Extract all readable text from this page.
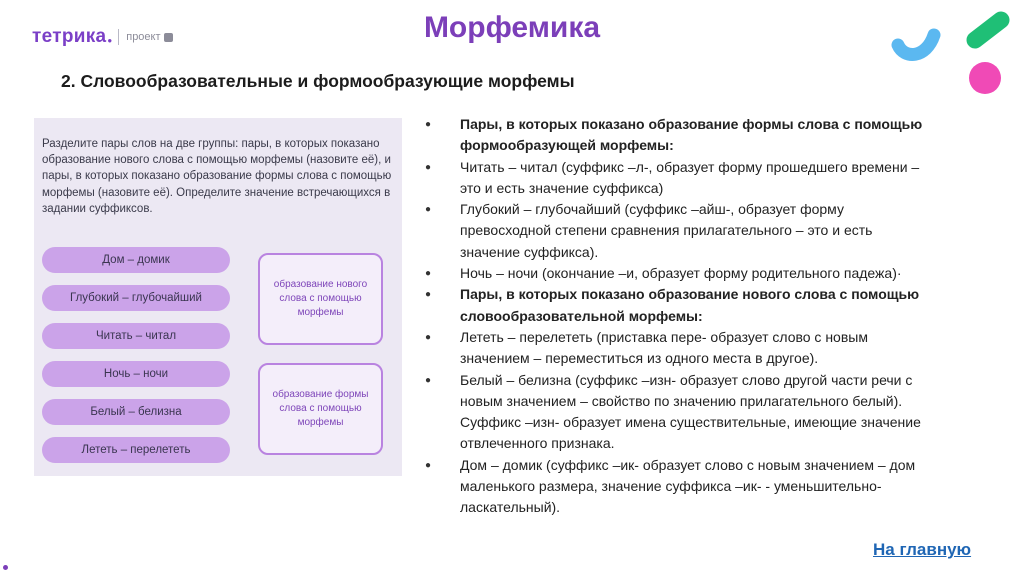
тетрика ● проект	Морфемика
2. Словообразовательные и формообразующие морфемы
Разделите пары слов на две группы: пары, в которых показано образование нового слова с помощью морфемы (назовите её), и пары, в которых показано образование формы слова с помощью морфемы (назовите её). Определите значение встречающихся в задании суффиксов.
Дом – домик
Глубокий – глубочайший
Читать – читал
Ночь – ночи
Белый – белизна
Лететь – перелететь
образование нового слова с помощью морфемы
образование формы слова с помощью морфемы
● Пары, в которых показано образование формы слова с помощью формообразующей морфемы:
● Читать – читал (суффикс –л-, образует форму прошедшего времени – это и есть значение суффикса)
● Глубокий – глубочайший (суффикс –айш-, образует форму превосходной степени сравнения прилагательного – это и есть значение суффикса).
● Ночь – ночи (окончание –и, образует форму родительного падежа)·
● Пары, в которых показано образование нового слова с помощью словообразовательной морфемы:
● Лететь – перелететь (приставка пере- образует слово с новым значением – переместиться из одного места в другое).
● Белый – белизна (суффикс –изн- образует слово другой части речи с новым значением – свойство по значению прилагательного белый). Суффикс –изн- образует имена существительные, имеющие значение отвлеченного признака.
● Дом – домик (суффикс –ик- образует слово с новым значением – дом маленького размера, значение суффикса –ик- - уменьшительно-ласкательный).
На главную
